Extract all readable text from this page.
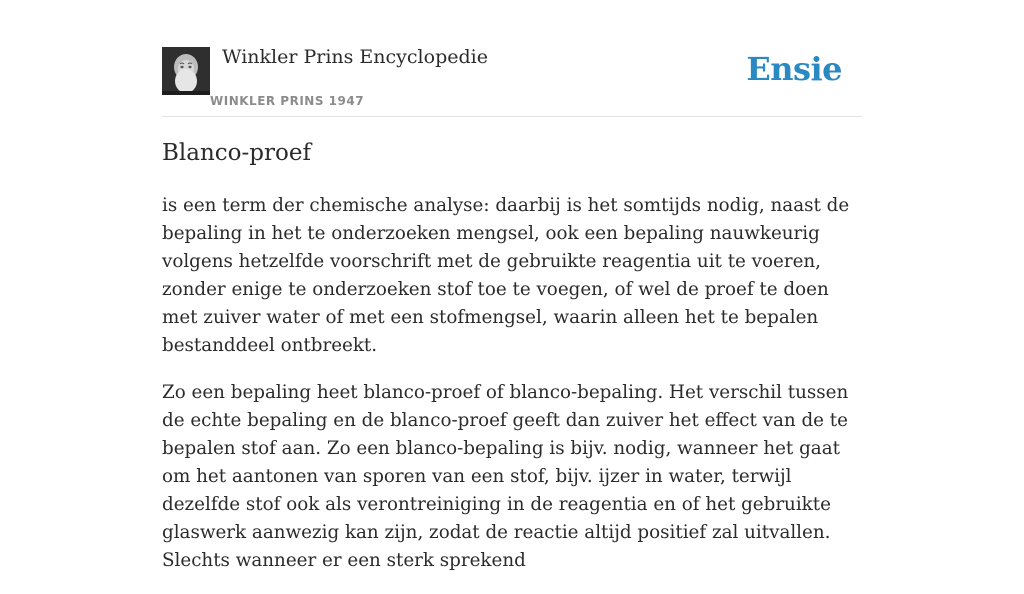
Winkler Prins Encyclopedie
WINKLER PRINS 1947
Ensie
Blanco-proef

is een term der chemische analyse: daarbij is het somtijds nodig, naast de bepaling in het te onderzoeken mengsel, ook een bepaling nauwkeurig volgens hetzelfde voorschrift met de gebruikte reagentia uit te voeren, zonder enige te onderzoeken stof toe te voegen, of wel de proef te doen met zuiver water of met een stofmengsel, waarin alleen het te bepalen bestanddeel ontbreekt.

Zo een bepaling heet blanco-proef of blanco-bepaling. Het verschil tussen de echte bepaling en de blanco-proef geeft dan zuiver het effect van de te bepalen stof aan. Zo een blanco-bepaling is bijv. nodig, wanneer het gaat om het aantonen van sporen van een stof, bijv. ijzer in water, terwijl dezelfde stof ook als verontreiniging in de reagentia en of het gebruikte glaswerk aanwezig kan zijn, zodat de reactie altijd positief zal uitvallen. Slechts wanneer er een sterk sprekend
